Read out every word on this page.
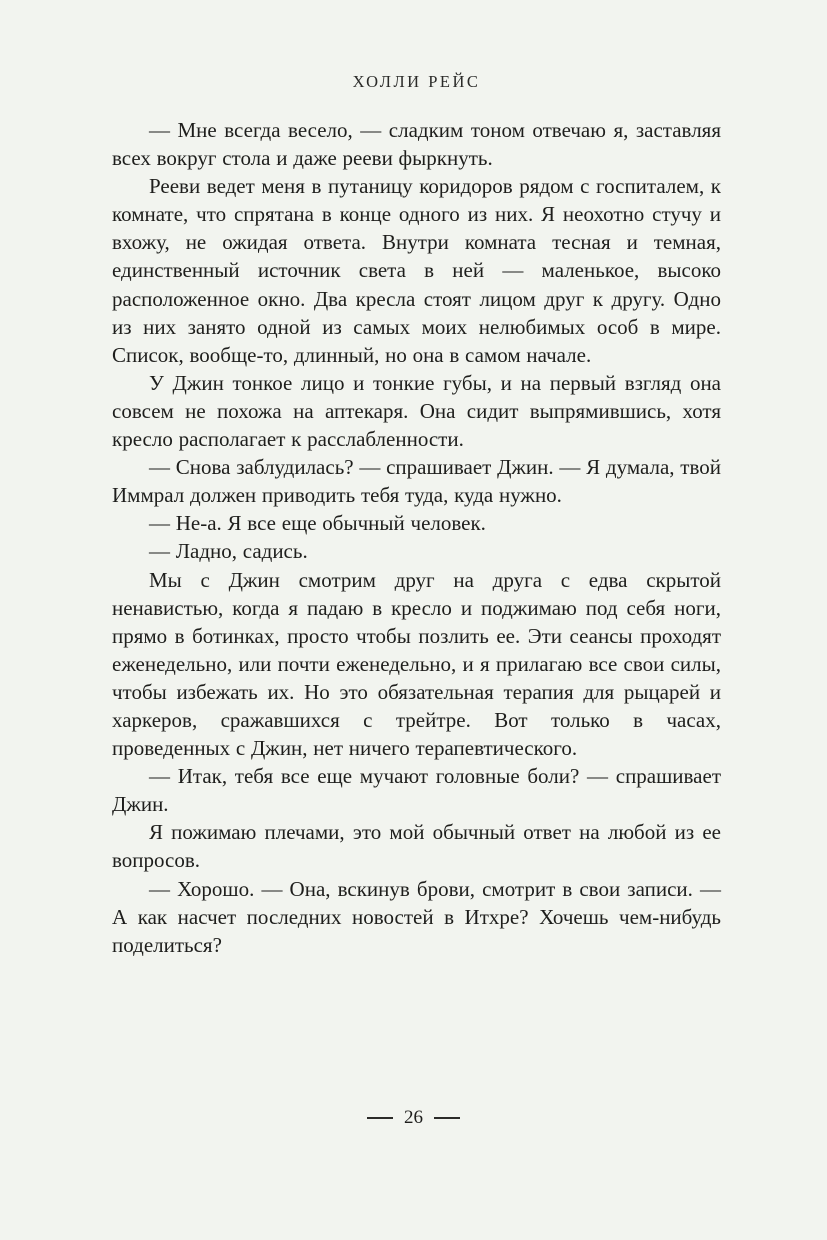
ХОЛЛИ РЕЙС

— Мне всегда весело, — сладким тоном отвечаю я, заставляя всех вокруг стола и даже рееви фыркнуть.

Рееви ведет меня в путаницу коридоров рядом с госпиталем, к комнате, что спрятана в конце одного из них. Я неохотно стучу и вхожу, не ожидая ответа. Внутри комната тесная и темная, единственный источник света в ней — маленькое, высоко расположенное окно. Два кресла стоят лицом друг к другу. Одно из них занято одной из самых моих нелюбимых особ в мире. Список, вообще-то, длинный, но она в самом начале.

У Джин тонкое лицо и тонкие губы, и на первый взгляд она совсем не похожа на аптекаря. Она сидит выпрямившись, хотя кресло располагает к расслабленности.

— Снова заблудилась? — спрашивает Джин. — Я думала, твой Иммрал должен приводить тебя туда, куда нужно.

— Не-а. Я все еще обычный человек.

— Ладно, садись.

Мы с Джин смотрим друг на друга с едва скрытой ненавистью, когда я падаю в кресло и поджимаю под себя ноги, прямо в ботинках, просто чтобы позлить ее. Эти сеансы проходят еженедельно, или почти еженедельно, и я прилагаю все свои силы, чтобы избежать их. Но это обязательная терапия для рыцарей и харкеров, сражавшихся с трейтре. Вот только в часах, проведенных с Джин, нет ничего терапевтического.

— Итак, тебя все еще мучают головные боли? — спрашивает Джин.

Я пожимаю плечами, это мой обычный ответ на любой из ее вопросов.

— Хорошо. — Она, вскинув брови, смотрит в свои записи. — А как насчет последних новостей в Итхре? Хочешь чем-нибудь поделиться?

26
